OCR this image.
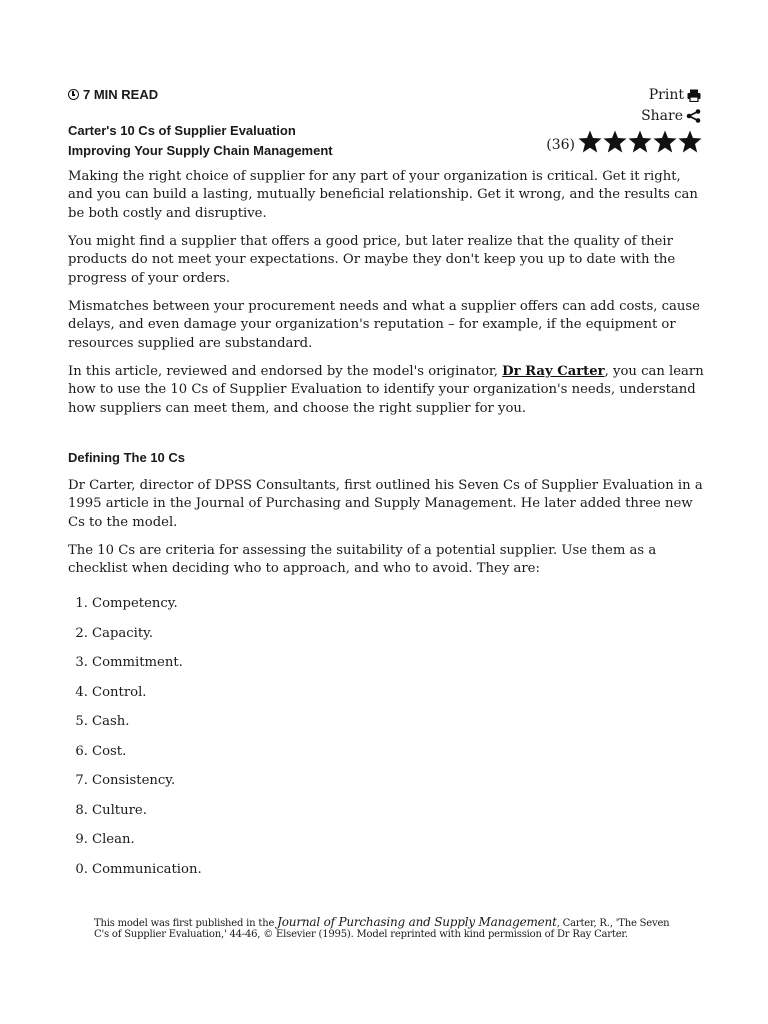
7 MIN READ	Print
Share
Carter's 10 Cs of Supplier Evaluation
Improving Your Supply Chain Management	(36)

Making the right choice of supplier for any part of your organization is critical. Get it right, and you can build a lasting, mutually beneficial relationship. Get it wrong, and the results can be both costly and disruptive.

You might find a supplier that offers a good price, but later realize that the quality of their products do not meet your expectations. Or maybe they don't keep you up to date with the progress of your orders.

Mismatches between your procurement needs and what a supplier offers can add costs, cause delays, and even damage your organization's reputation – for example, if the equipment or resources supplied are substandard.

In this article, reviewed and endorsed by the model's originator, Dr Ray Carter, you can learn how to use the 10 Cs of Supplier Evaluation to identify your organization's needs, understand how suppliers can meet them, and choose the right supplier for you.

Defining The 10 Cs

Dr Carter, director of DPSS Consultants, first outlined his Seven Cs of Supplier Evaluation in a 1995 article in the Journal of Purchasing and Supply Management. He later added three new Cs to the model.

The 10 Cs are criteria for assessing the suitability of a potential supplier. Use them as a checklist when deciding who to approach, and who to avoid. They are:

1. Competency.
2. Capacity.
3. Commitment.
4. Control.
5. Cash.
6. Cost.
7. Consistency.
8. Culture.
9. Clean.
0. Communication.
This model was first published in the Journal of Purchasing and Supply Management, Carter, R., 'The Seven C's of Supplier Evaluation,' 44-46, © Elsevier (1995). Model reprinted with kind permission of Dr Ray Carter.
